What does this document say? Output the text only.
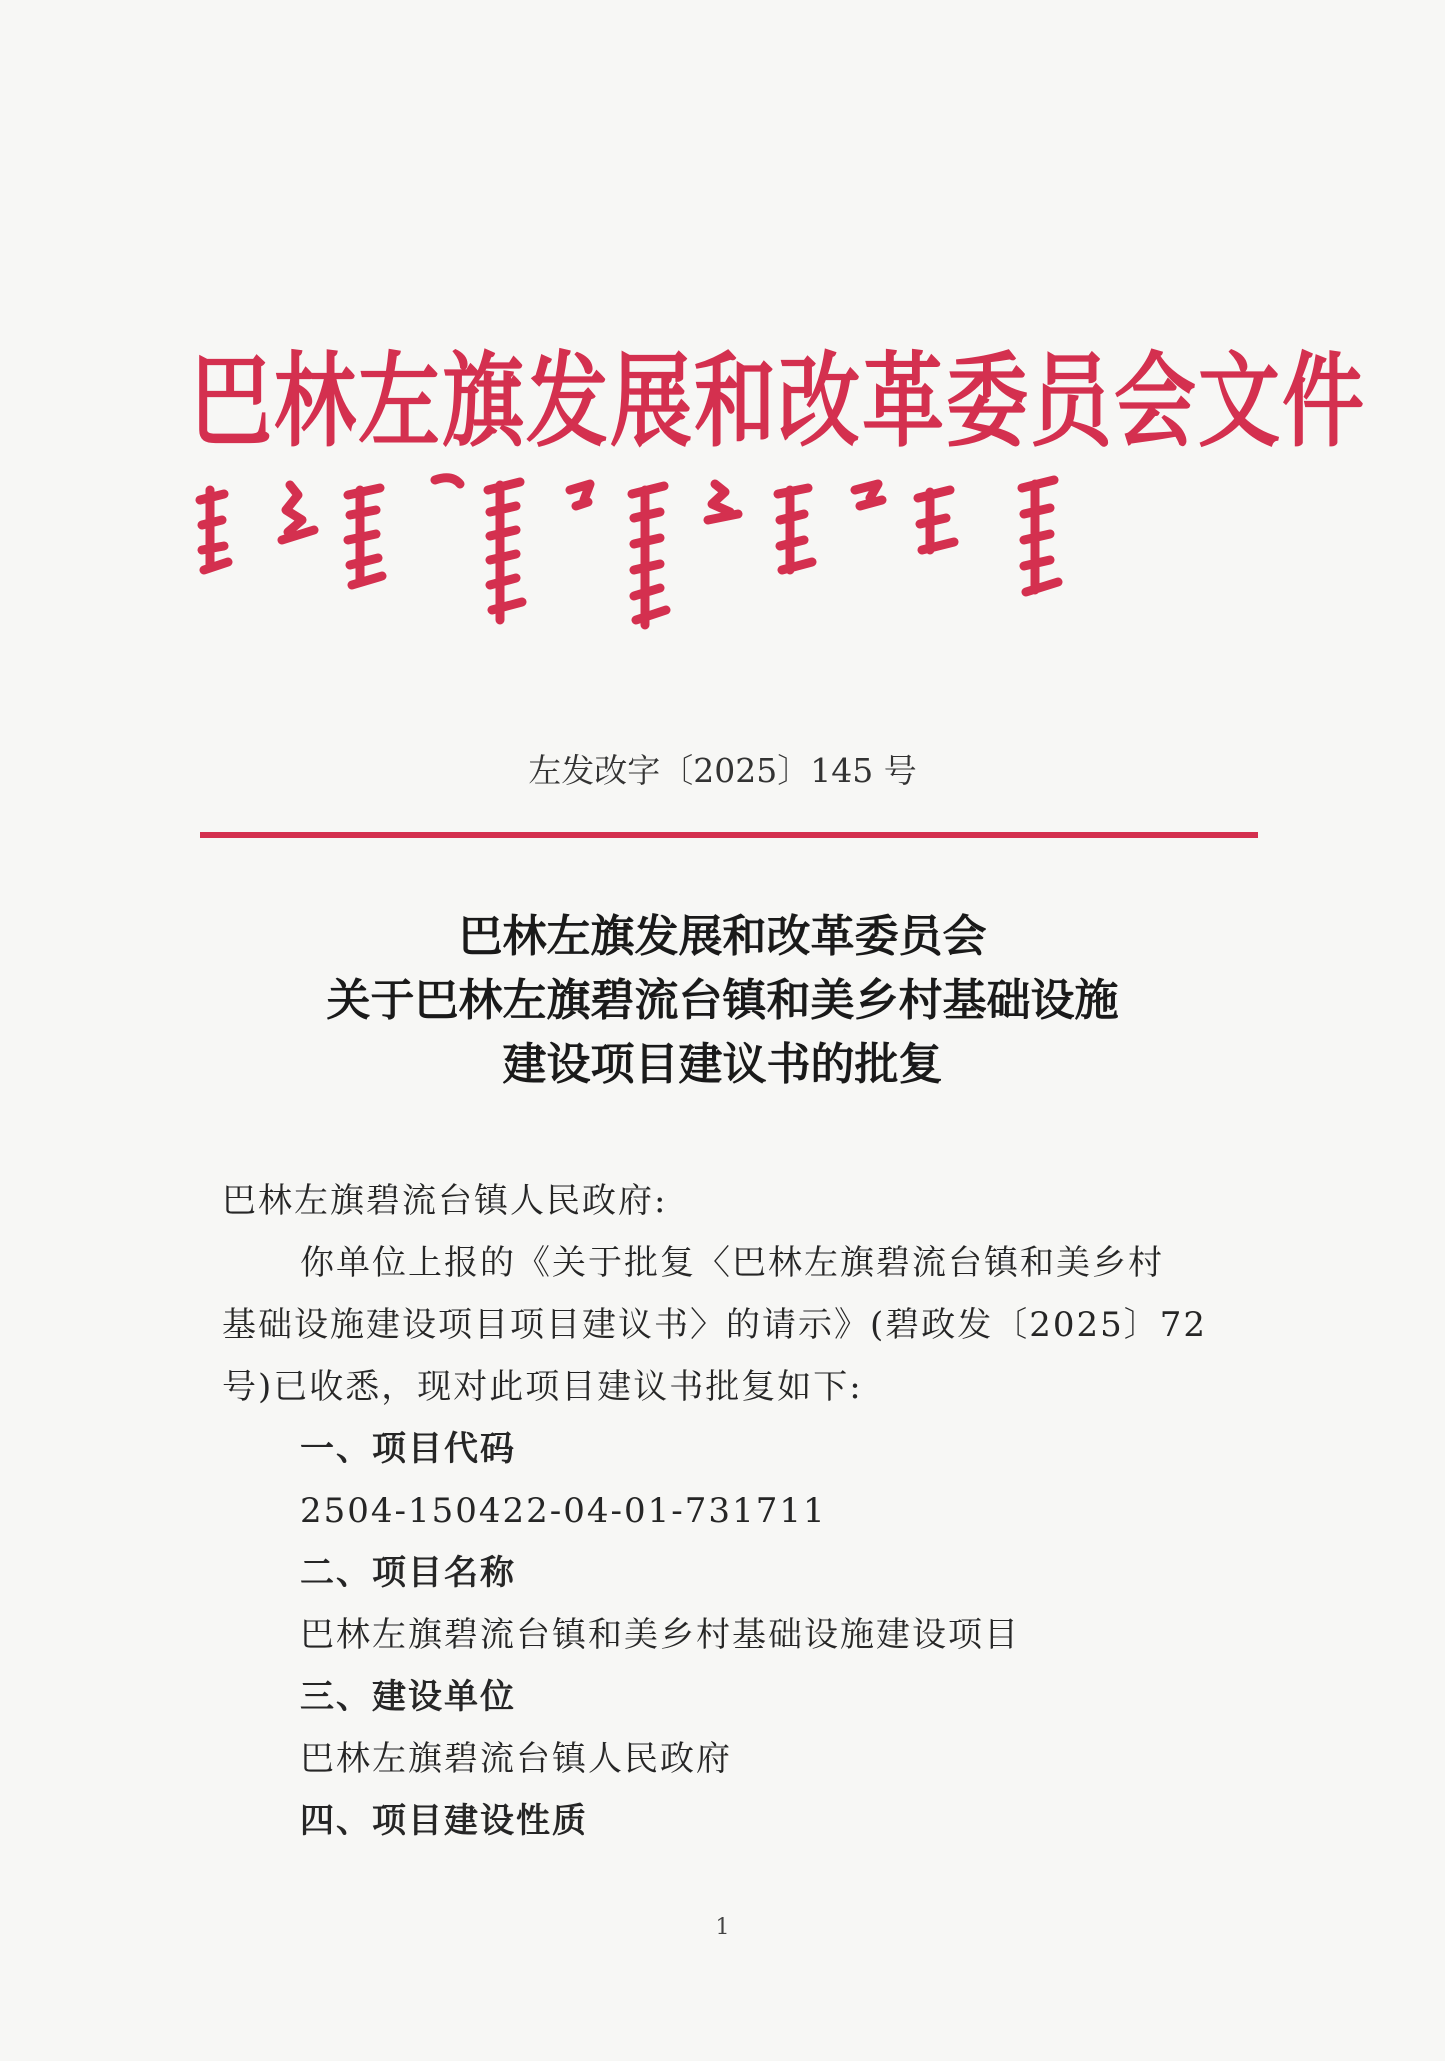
巴林左旗发展和改革委员会文件
左发改字〔2025〕145 号
巴林左旗发展和改革委员会
关于巴林左旗碧流台镇和美乡村基础设施
建设项目建议书的批复
巴林左旗碧流台镇人民政府:
你单位上报的《关于批复〈巴林左旗碧流台镇和美乡村
基础设施建设项目项目建议书〉的请示》(碧政发〔2025〕72
号)已收悉，现对此项目建议书批复如下:
一、项目代码
2504-150422-04-01-731711
二、项目名称
巴林左旗碧流台镇和美乡村基础设施建设项目
三、建设单位
巴林左旗碧流台镇人民政府
四、项目建设性质
1
